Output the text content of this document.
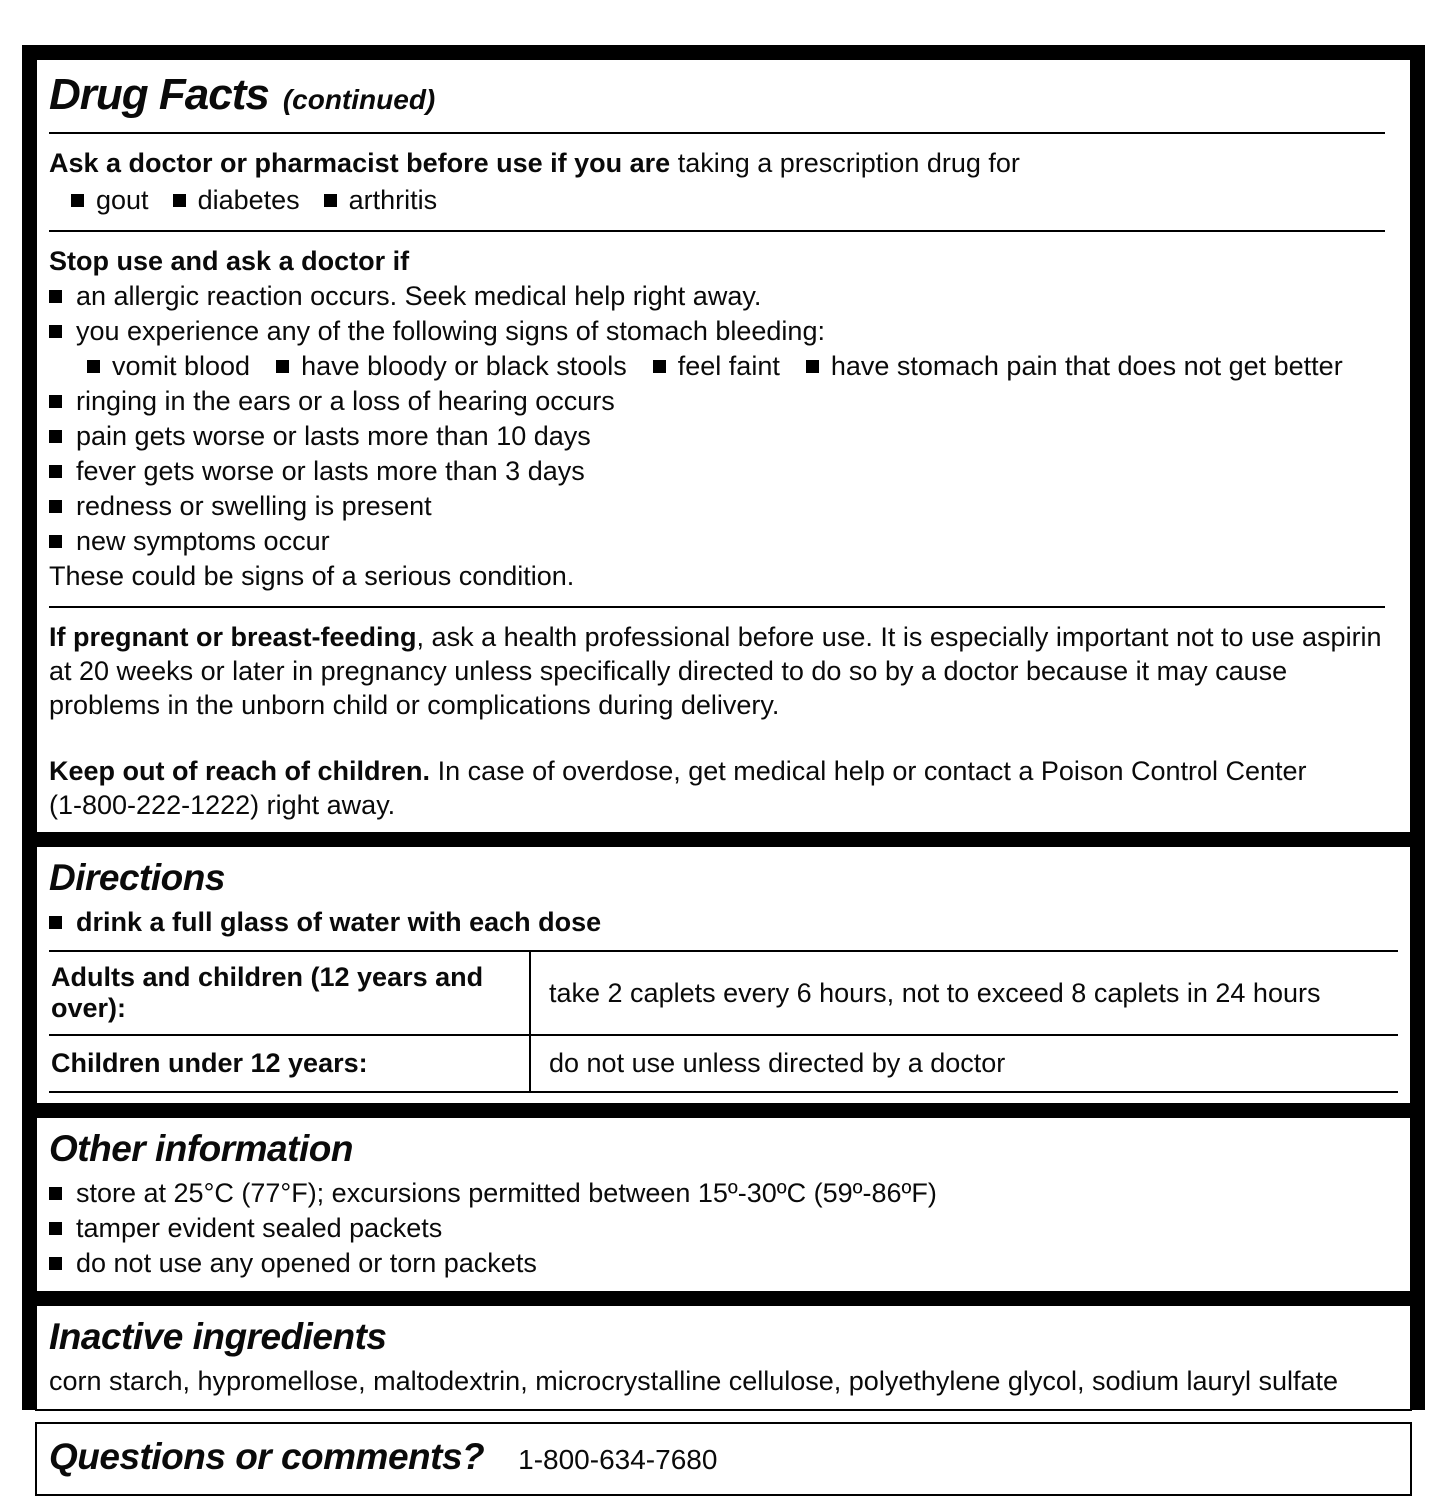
Drug Facts (continued)
Ask a doctor or pharmacist before use if you are taking a prescription drug for
gout diabetes arthritis
Stop use and ask a doctor if
an allergic reaction occurs. Seek medical help right away.
you experience any of the following signs of stomach bleeding:
vomit blood have bloody or black stools feel faint have stomach pain that does not get better
ringing in the ears or a loss of hearing occurs
pain gets worse or lasts more than 10 days
fever gets worse or lasts more than 3 days
redness or swelling is present
new symptoms occur
These could be signs of a serious condition.
If pregnant or breast-feeding, ask a health professional before use. It is especially important not to use aspirin at 20 weeks or later in pregnancy unless specifically directed to do so by a doctor because it may cause problems in the unborn child or complications during delivery.
Keep out of reach of children. In case of overdose, get medical help or contact a Poison Control Center
(1-800-222-1222) right away.
Directions
drink a full glass of water with each dose
Adults and children (12 years and over):
take 2 caplets every 6 hours, not to exceed 8 caplets in 24 hours
Children under 12 years:	do not use unless directed by a doctor
Other information
store at 25°C (77°F); excursions permitted between 15º-30ºC (59º-86ºF)
tamper evident sealed packets
do not use any opened or torn packets
Inactive ingredients
corn starch, hypromellose, maltodextrin, microcrystalline cellulose, polyethylene glycol, sodium lauryl sulfate
Questions or comments? 1-800-634-7680
